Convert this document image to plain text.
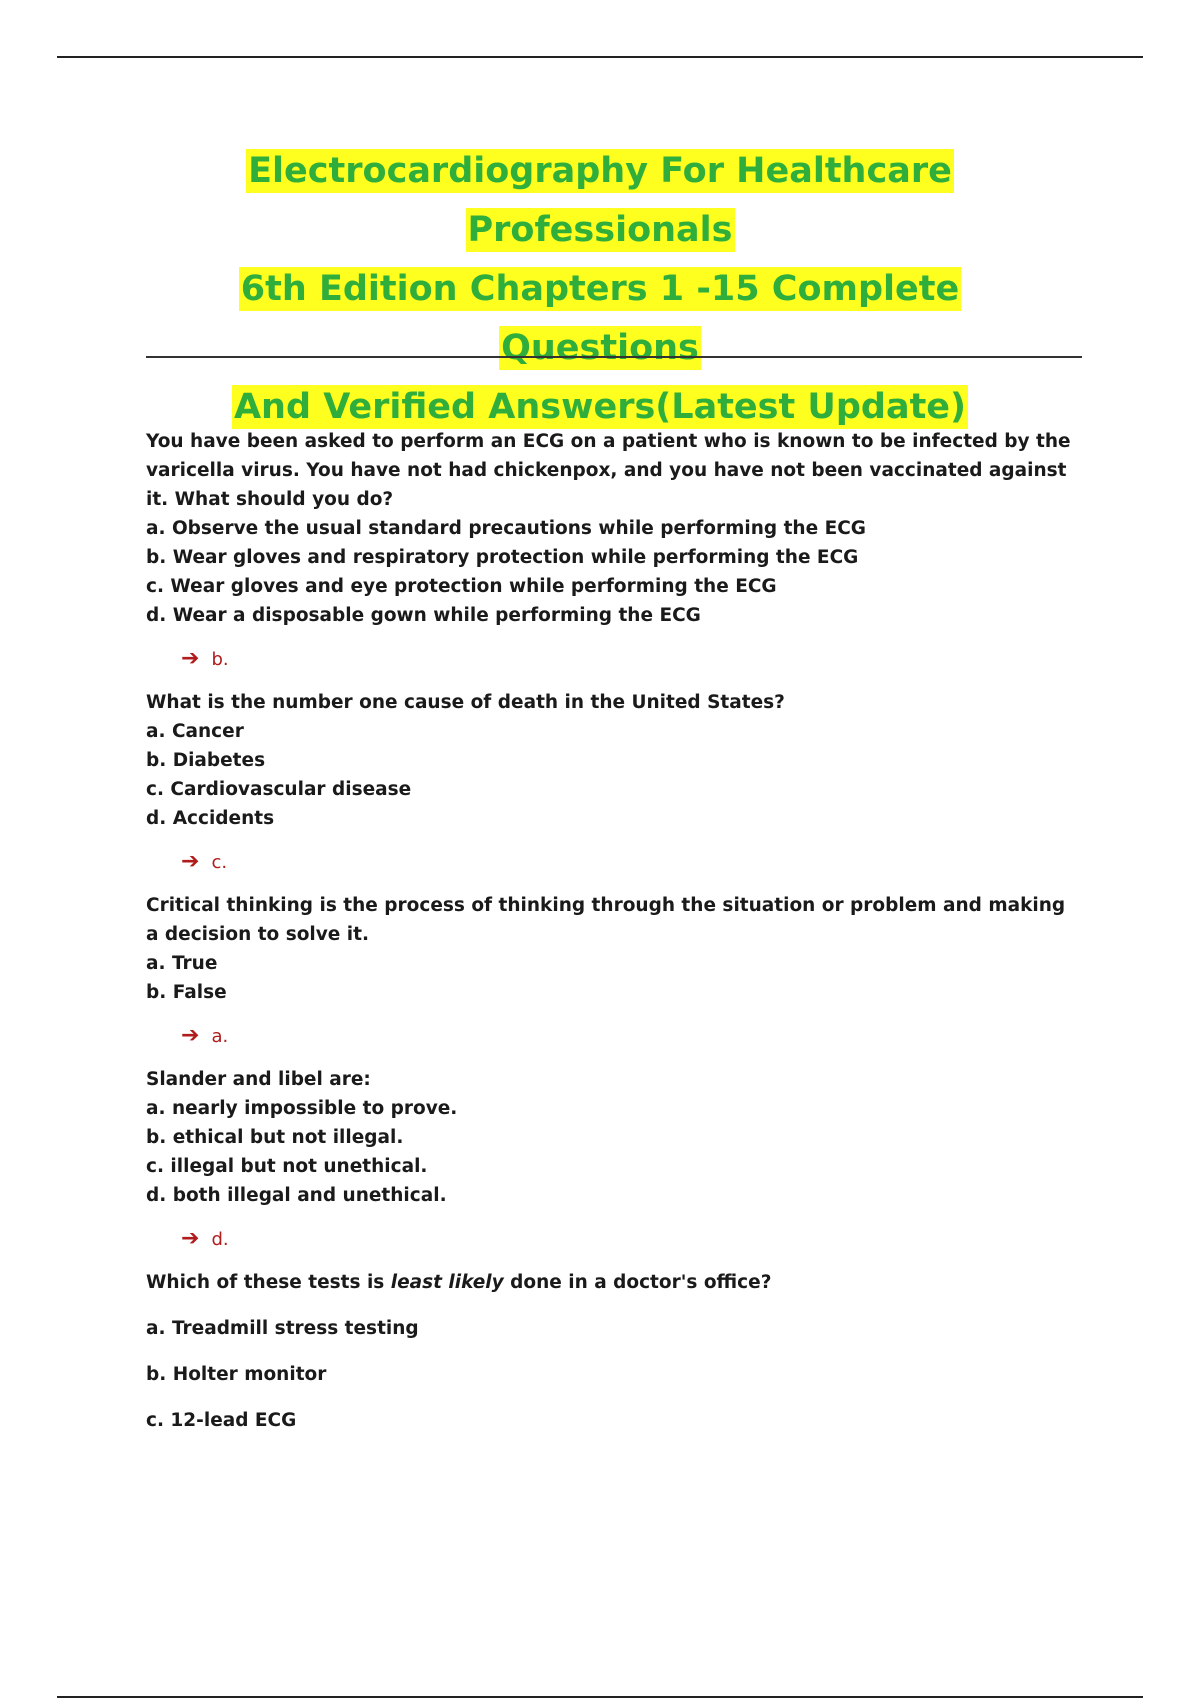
Electrocardiography For Healthcare Professionals
6th Edition Chapters 1 -15 Complete Questions
And Verified Answers(Latest Update)

You have been asked to perform an ECG on a patient who is known to be infected by the varicella virus. You have not had chickenpox, and you have not been vaccinated against it. What should you do?

a. Observe the usual standard precautions while performing the ECG

b. Wear gloves and respiratory protection while performing the ECG

c. Wear gloves and eye protection while performing the ECG

d. Wear a disposable gown while performing the ECG

➔ b.

What is the number one cause of death in the United States?

a. Cancer

b. Diabetes

c. Cardiovascular disease

d. Accidents

➔ c.

Critical thinking is the process of thinking through the situation or problem and making a decision to solve it.

a. True

b. False

➔ a.

Slander and libel are:

a. nearly impossible to prove.

b. ethical but not illegal.

c. illegal but not unethical.

d. both illegal and unethical.

➔ d.

Which of these tests is least likely done in a doctor's office?

a. Treadmill stress testing

b. Holter monitor

c. 12-lead ECG
